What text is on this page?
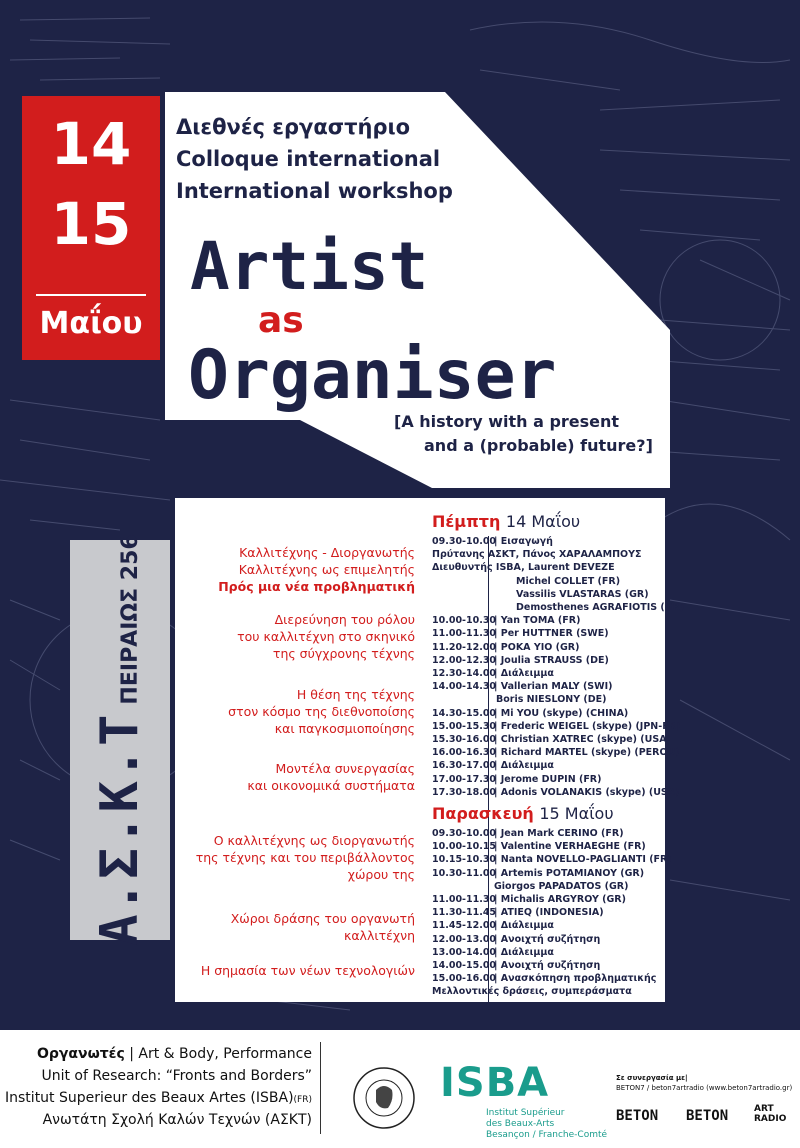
14
15
Μαΐου
Διεθνές εργαστήριο
Colloque international
International workshop
Artist
as
Organiser
[A history with a present
and a (probable) future?]
Α.Σ.Κ.ΤΠΕΙΡΑΙΩΣ 256	Καλλιτέχνης - Διοργανωτής
Καλλιτέχνης ως επιμελητής
Πρός μια νέα προβληματική
Διερεύνηση του ρόλου
του καλλιτέχνη στο σκηνικό
της σύγχρονης τέχνης
Η θέση της τέχνης
στον κόσμο της διεθνοποίσης
και παγκοσμιοποίησης
Μοντέλα συνεργασίας
και οικονομικά συστήματα
Ο καλλιτέχνης ως διοργανωτής
της τέχνης και του περιβάλλοντος
χώρου της
Χώροι δράσης του οργανωτή
καλλιτέχνη
Η σημασία των νέων τεχνολογιών
Πέμπτη 14 Μαΐου
09.30-10.00
| Εισαγωγή
Πρύτανης ΑΣΚΤ, Πάνος ΧΑΡΑΛΑΜΠΟΥΣ
Διευθυντής ISBA, Laurent DEVEZE
Michel COLLET (FR)
Vassilis VLASTARAS (GR)
Demosthenes AGRAFIOTIS (GR)
10.00-10.30
| Yan TOMA (FR)
11.00-11.30
| Per HUTTNER (SWE)
11.20-12.00
| POKA YIO (GR)
12.00-12.30
| Joulia STRAUSS (DE)
12.30-14.00
| Διάλειμμα
14.00-14.30
| Vallerian MALY (SWI)
Boris NIESLONY (DE)
14.30-15.00
| Mi YOU (skype) (CHINA)
15.00-15.30
| Frederic WEIGEL (skype) (JPN-FR)
15.30-16.00
| Christian XATREC (skype) (USA)
16.00-16.30
| Richard MARTEL (skype) (PEROU)
16.30-17.00
| Διάλειμμα
17.00-17.30
| Jerome DUPIN (FR)
17.30-18.00
| Adonis VOLANAKIS (skype) (USA)
Παρασκευή 15 Μαΐου
09.30-10.00
| Jean Mark CERINO (FR)
10.00-10.15
| Valentine VERHAEGHE (FR)
10.15-10.30
| Nanta NOVELLO-PAGLIANTI (FR)
10.30-11.00
| Artemis POTAMIANOY (GR)
Giorgos PAPADATOS (GR)
11.00-11.30
| Michalis ARGYROY (GR)
11.30-11.45
| ATIEQ (INDONESIA)
11.45-12.00
| Διάλειμμα
12.00-13.00
| Ανοιχτή συζήτηση
13.00-14.00
| Διάλειμμα
14.00-15.00
| Ανοιχτή συζήτηση
15.00-16.00
| Ανασκόπηση προβληματικής
Μελλοντικές δράσεις, συμπεράσματα
Οργανωτές | Art & Body, Performance
Unit of Research: “Fronts and Borders”
Institut Superieur des Beaux Artes (ISBA)(FR)
Ανωτάτη Σχολή Καλών Τεχνών (ΑΣΚΤ)
ISBA
Institut Supérieur
des Beaux-Arts
Besançon / Franche-Comté
Σε συνεργασία με|
BETON7 / beton7artradio (www.beton7artradio.gr)
BETON BETON	ART
RADIO
